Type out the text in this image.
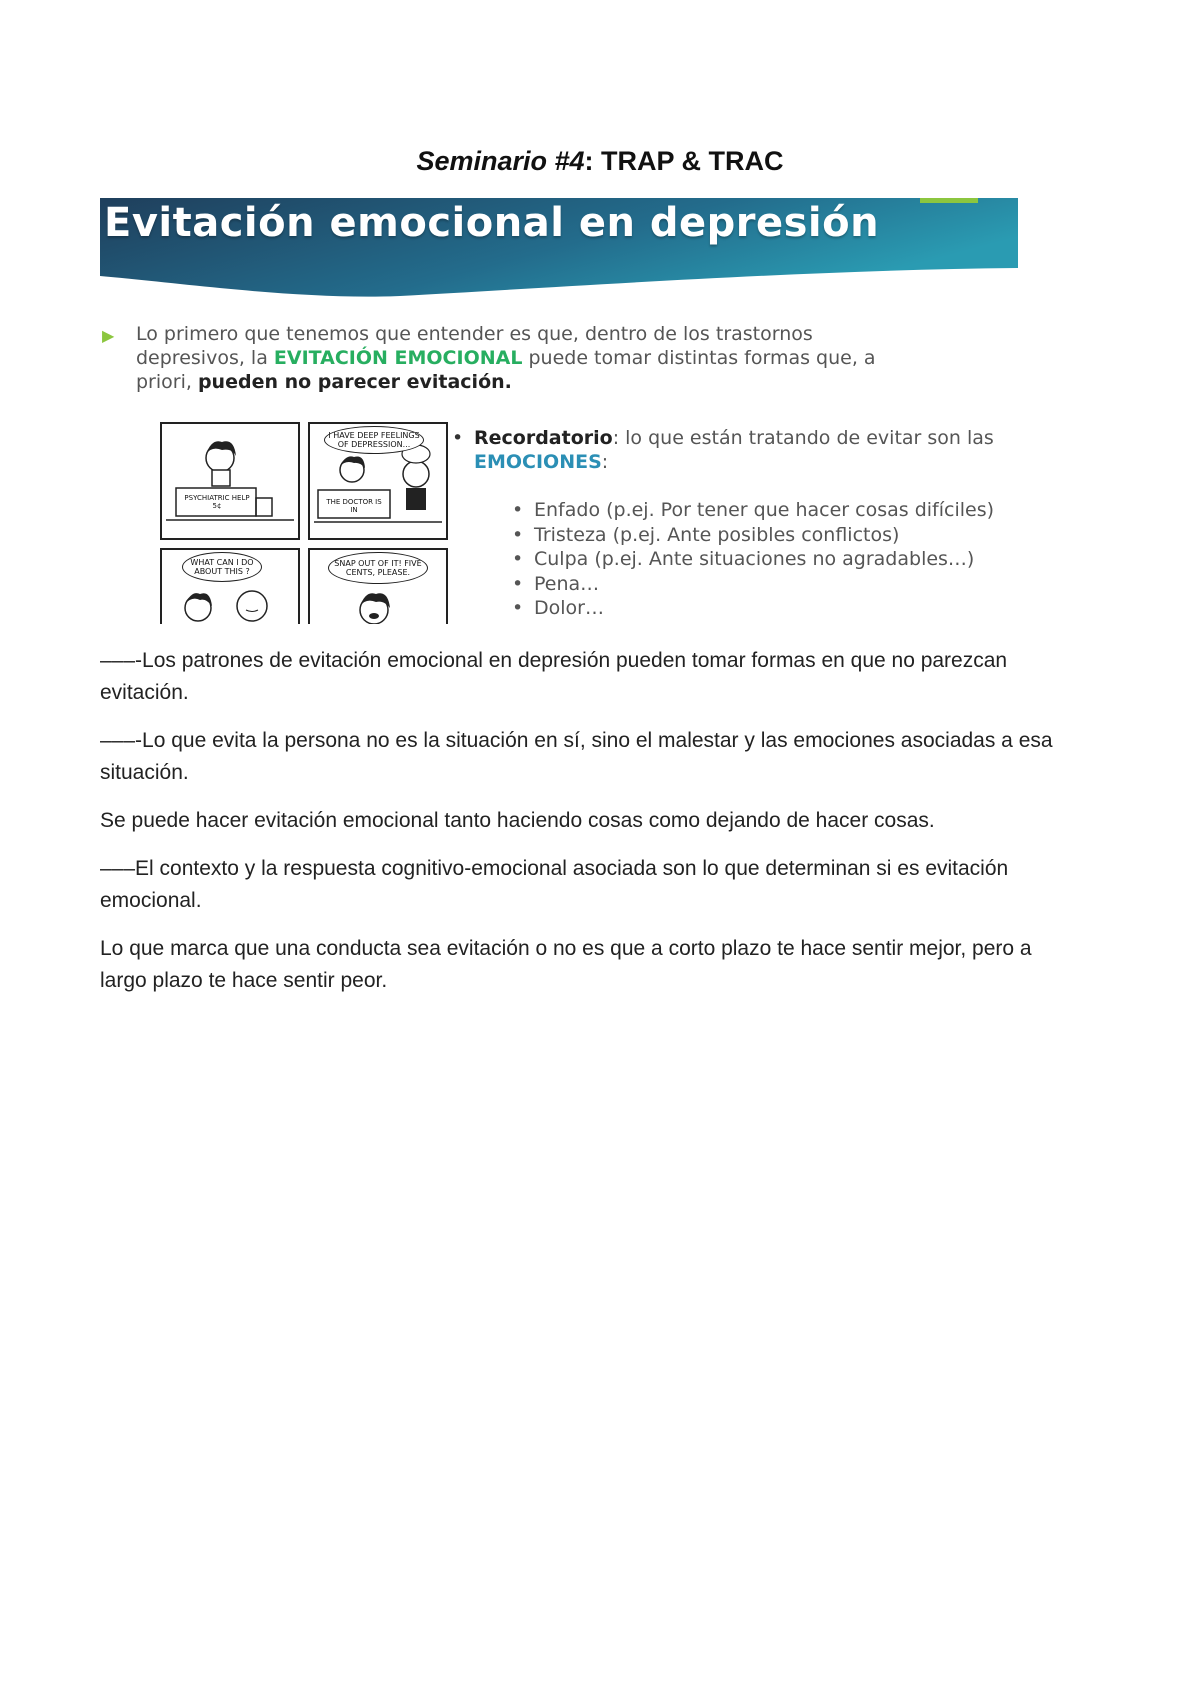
Seminario #4: TRAP & TRAC
Evitación emocional en depresión
▶ Lo primero que tenemos que entender es que, dentro de los trastornos depresivos, la EVITACIÓN EMOCIONAL puede tomar distintas formas que, a priori, pueden no parecer evitación.
PSYCHIATRIC HELP 5¢
I HAVE DEEP FEELINGS OF DEPRESSION...
THE DOCTOR IS IN
WHAT CAN I DO ABOUT THIS ?
SNAP OUT OF IT! FIVE CENTS, PLEASE.
• Recordatorio: lo que están tratando de evitar son las EMOCIONES:
• Enfado (p.ej. Por tener que hacer cosas difíciles)
• Tristeza (p.ej. Ante posibles conflictos)
• Culpa (p.ej. Ante situaciones no agradables…)
• Pena…
• Dolor…

–––-Los patrones de evitación emocional en depresión pueden tomar formas en que no parezcan evitación.

–––-Lo que evita la persona no es la situación en sí, sino el malestar y las emociones asociadas a esa situación.

Se puede hacer evitación emocional tanto haciendo cosas como dejando de hacer cosas.

–––El contexto y la respuesta cognitivo-emocional asociada son lo que determinan si es evitación emocional.

Lo que marca que una conducta sea evitación o no es que a corto plazo te hace sentir mejor, pero a largo plazo te hace sentir peor.
